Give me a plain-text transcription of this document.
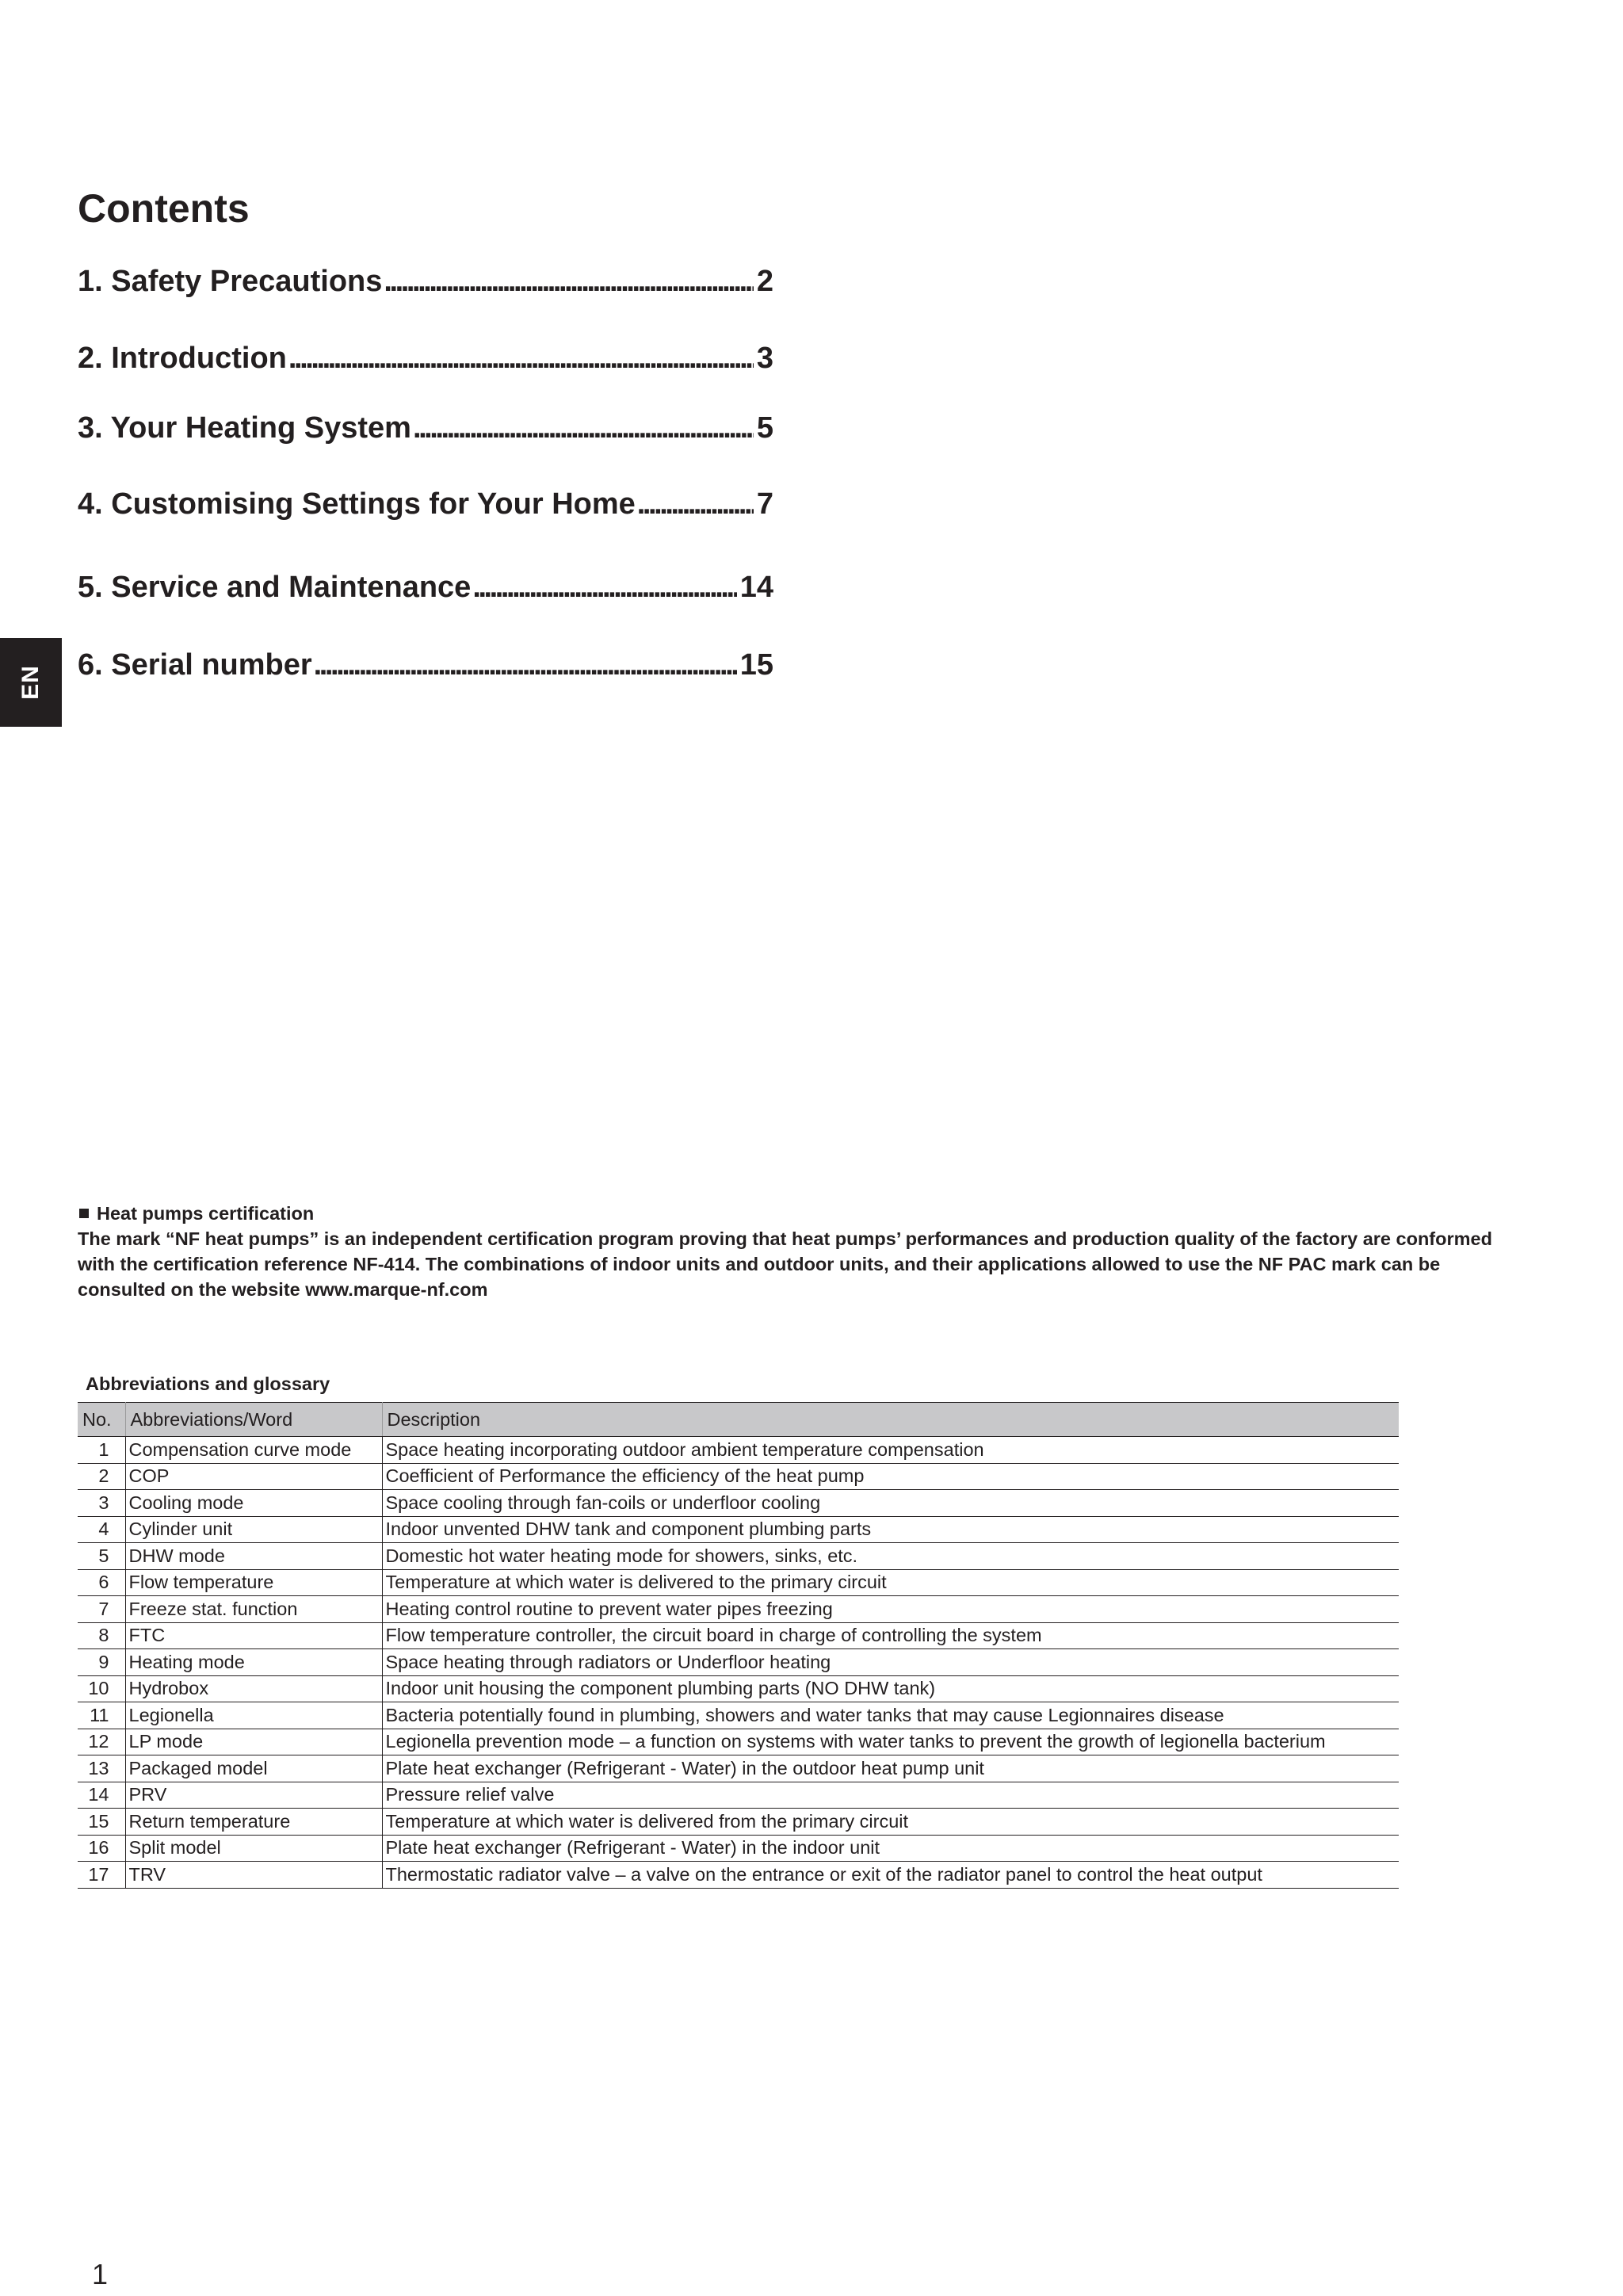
Contents
1. Safety Precautions . . .	2
2. Introduction . . .	3
3. Your Heating System . . .	5
4. Customising Settings for Your Home . . .	7
5. Service and Maintenance . . .	14
6. Serial number . . .	15
EN
Heat pumps certification
The mark “NF heat pumps” is an independent certification program proving that heat pumps’ performances and production quality of the factory are conformed with the certification reference NF-414. The combinations of indoor units and outdoor units, and their applications allowed to use the NF PAC mark can be consulted on the website www.marque-nf.com
Abbreviations and glossary
No.	Abbreviations/Word	Description
1	Compensation curve mode	Space heating incorporating outdoor ambient temperature compensation
2	COP	Coefficient of Performance the efficiency of the heat pump
3	Cooling mode	Space cooling through fan-coils or underfloor cooling
4	Cylinder unit	Indoor unvented DHW tank and component plumbing parts
5	DHW mode	Domestic hot water heating mode for showers, sinks, etc.
6	Flow temperature	Temperature at which water is delivered to the primary circuit
7	Freeze stat. function	Heating control routine to prevent water pipes freezing
8	FTC	Flow temperature controller, the circuit board in charge of controlling the system
9	Heating mode	Space heating through radiators or Underfloor heating
10	Hydrobox	Indoor unit housing the component plumbing parts (NO DHW tank)
11	Legionella	Bacteria potentially found in plumbing, showers and water tanks that may cause Legionnaires disease
12	LP mode	Legionella prevention mode – a function on systems with water tanks to prevent the growth of legionella bacterium
13	Packaged model	Plate heat exchanger (Refrigerant - Water) in the outdoor heat pump unit
14	PRV	Pressure relief valve
15	Return temperature	Temperature at which water is delivered from the primary circuit
16	Split model	Plate heat exchanger (Refrigerant - Water) in the indoor unit
17	TRV	Thermostatic radiator valve – a valve on the entrance or exit of the radiator panel to control the heat output
1
